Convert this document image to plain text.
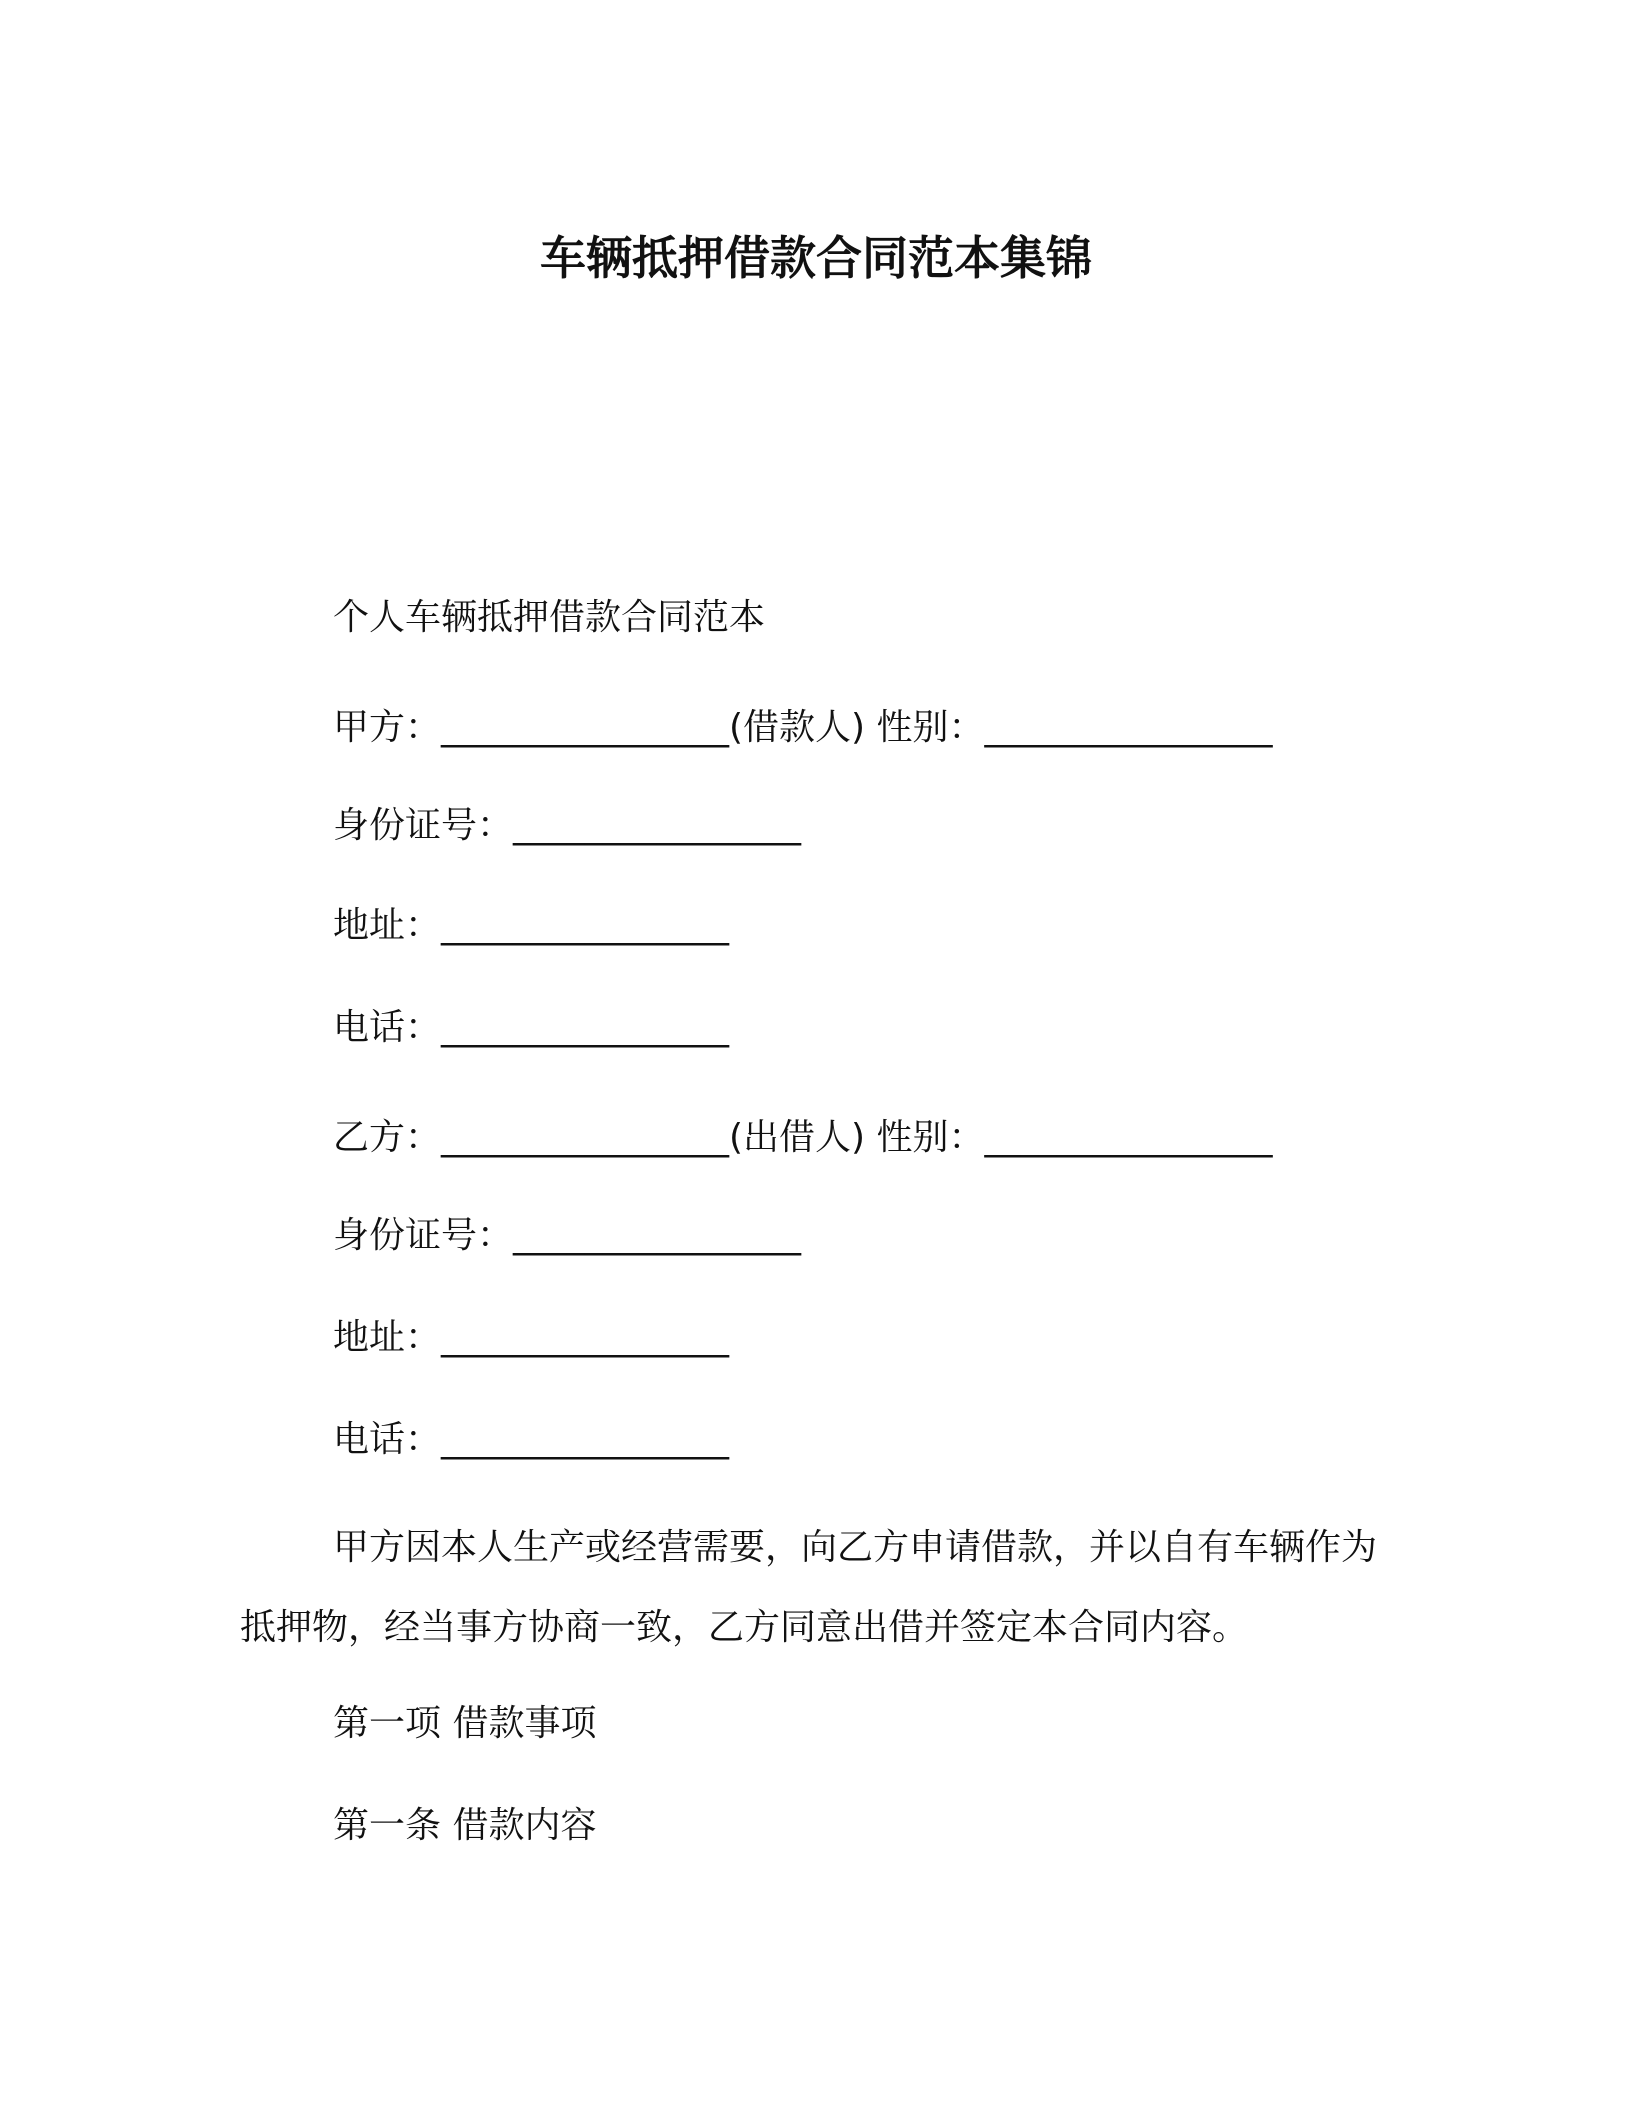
车辆抵押借款合同范本集锦
个人车辆抵押借款合同范本
甲方：________________(借款人) 性别：________________
身份证号：________________
地址：________________
电话：________________
乙方：________________(出借人) 性别：________________
身份证号：________________
地址：________________
电话：________________
甲方因本人生产或经营需要，向乙方申请借款，并以自有车辆作为抵押物，经当事方协商一致，乙方同意出借并签定本合同内容。
第一项 借款事项
第一条 借款内容
